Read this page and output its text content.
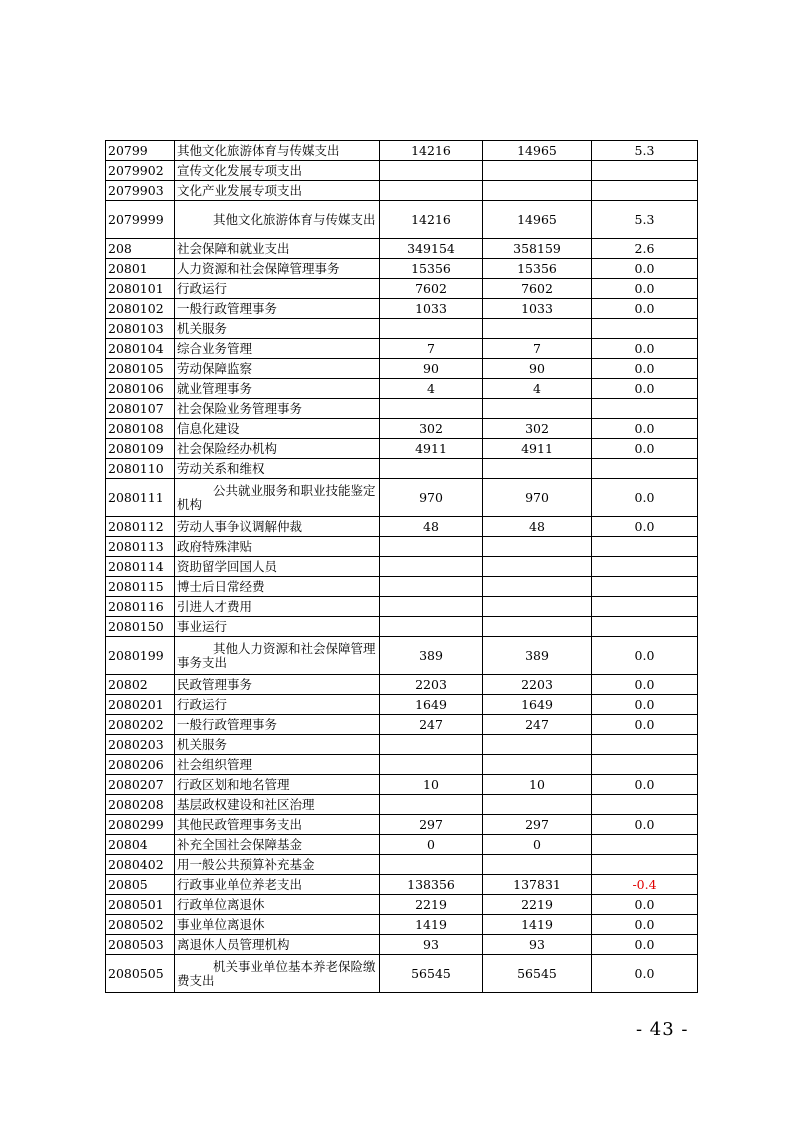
20799	其他文化旅游体育与传媒支出	14216	14965	5.3
2079902	宣传文化发展专项支出			
2079903	文化产业发展专项支出			
2079999	其他文化旅游体育与传媒支出	14216	14965	5.3
208	社会保障和就业支出	349154	358159	2.6
20801	人力资源和社会保障管理事务	15356	15356	0.0
2080101	行政运行	7602	7602	0.0
2080102	一般行政管理事务	1033	1033	0.0
2080103	机关服务			
2080104	综合业务管理	7	7	0.0
2080105	劳动保障监察	90	90	0.0
2080106	就业管理事务	4	4	0.0
2080107	社会保险业务管理事务			
2080108	信息化建设	302	302	0.0
2080109	社会保险经办机构	4911	4911	0.0
2080110	劳动关系和维权			
2080111	公共就业服务和职业技能鉴定机构	970	970	0.0
2080112	劳动人事争议调解仲裁	48	48	0.0
2080113	政府特殊津贴			
2080114	资助留学回国人员			
2080115	博士后日常经费			
2080116	引进人才费用			
2080150	事业运行			
2080199	其他人力资源和社会保障管理事务支出	389	389	0.0
20802	民政管理事务	2203	2203	0.0
2080201	行政运行	1649	1649	0.0
2080202	一般行政管理事务	247	247	0.0
2080203	机关服务			
2080206	社会组织管理			
2080207	行政区划和地名管理	10	10	0.0
2080208	基层政权建设和社区治理			
2080299	其他民政管理事务支出	297	297	0.0
20804	补充全国社会保障基金	0	0	
2080402	用一般公共预算补充基金			
20805	行政事业单位养老支出	138356	137831	-0.4
2080501	行政单位离退休	2219	2219	0.0
2080502	事业单位离退休	1419	1419	0.0
2080503	离退休人员管理机构	93	93	0.0
2080505	机关事业单位基本养老保险缴费支出	56545	56545	0.0
- 43 -
